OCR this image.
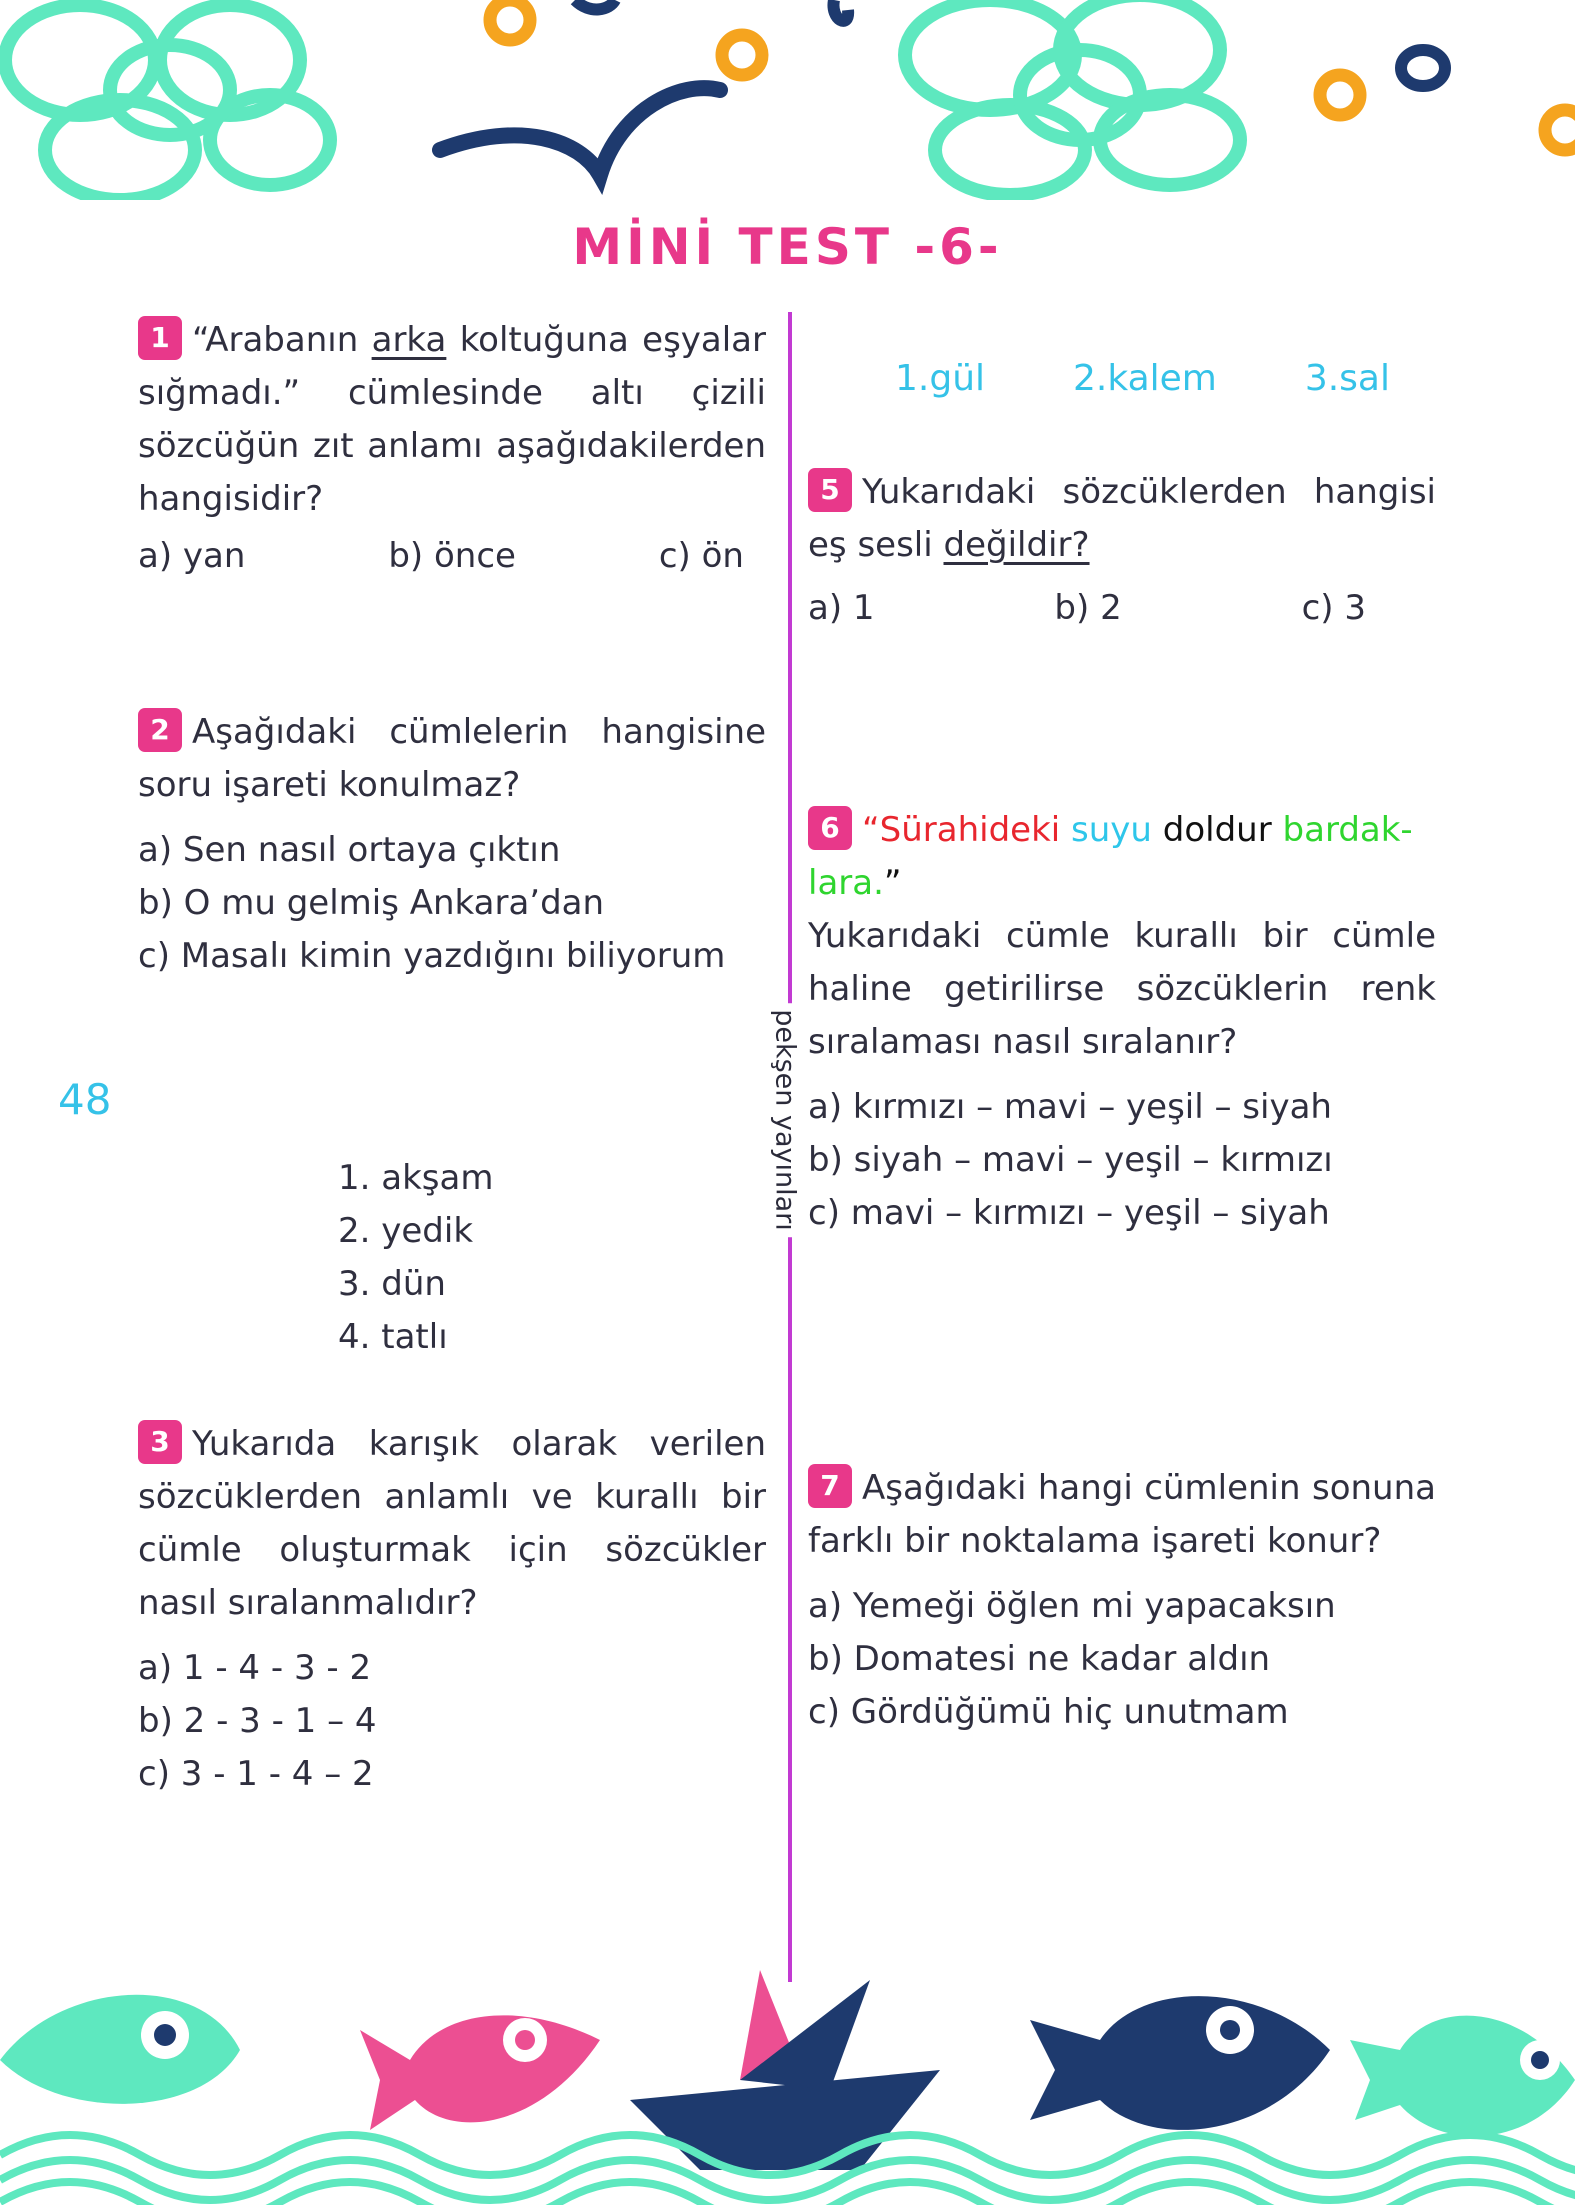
MİNİ TEST -6-
pekşen yayınları
48
1 “Arabanın arka koltuğuna eşyalar sığmadı.” cümlesinde altı çizili sözcüğün zıt anlamı aşağıdakilerden hangisidir?
a) yan	b) önce	c) ön
2 Aşağıdaki cümlelerin hangisine soru işareti konulmaz?
a) Sen nasıl ortaya çıktın
b) O mu gelmiş Ankara’dan
c) Masalı kimin yazdığını biliyorum
1. akşam
2. yedik
3. dün
4. tatlı
3 Yukarıda karışık olarak verilen sözcüklerden anlamlı ve kurallı bir cümle oluşturmak için sözcükler nasıl sıralanmalıdır?
a) 1 - 4 - 3 - 2
b) 2 - 3 - 1 – 4
c) 3 - 1 - 4 – 2
1.gül 2.kalem 3.sal
5 Yukarıdaki sözcüklerden hangisi eş sesli değildir?
a) 1	b) 2	c) 3
6 “Sürahideki suyu doldur bardak-
lara.”
Yukarıdaki cümle kurallı bir cümle haline getirilirse sözcüklerin renk sıralaması nasıl sıralanır?
a) kırmızı – mavi – yeşil – siyah
b) siyah – mavi – yeşil – kırmızı
c) mavi – kırmızı – yeşil – siyah
7 Aşağıdaki hangi cümlenin sonuna farklı bir noktalama işareti konur?
a) Yemeği öğlen mi yapacaksın
b) Domatesi ne kadar aldın
c) Gördüğümü hiç unutmam
